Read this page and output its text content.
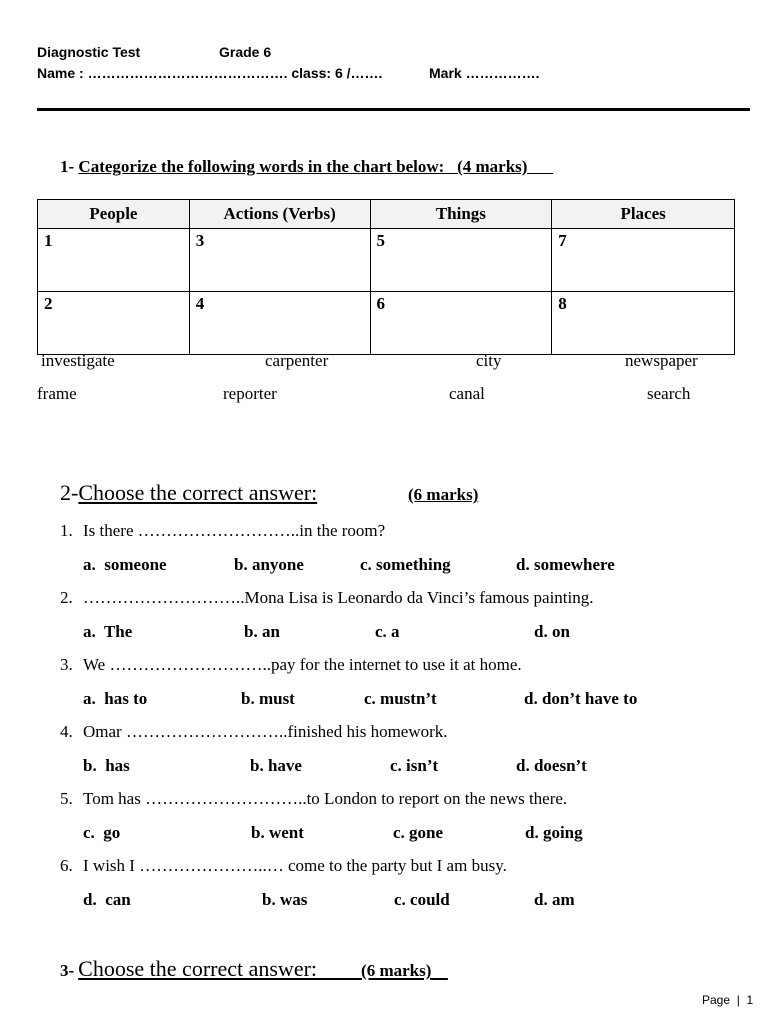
Diagnostic Test	Grade 6
Name : ……………………………………. class: 6 /…….	Mark …………….
1- Categorize the following words in the chart below: (4 marks)
People	Actions (Verbs)	Things	Places
1	3	5	7
2	4	6	8
investigate	carpenter	city	newspaper
frame	reporter	canal	search
2-Choose the correct answer:	(6 marks)
1. Is there ………………………..in the room?
a.  someone	b. anyone	c. something	d. somewhere
2. ………………………..Mona Lisa is Leonardo da Vinci’s famous painting.
a.  The	b. an	c. a	d. on
3. We ………………………..pay for the internet to use it at home.
a.  has to	b. must	c. mustn’t	d. don’t have to
4. Omar ………………………..finished his homework.
b.  has	b. have	c. isn’t	d. doesn’t
5. Tom has ………………………..to London to report on the news there.
c.  go	b. went	c. gone	d. going
6. I wish I …………………..… come to the party but I am busy.
d.  can	b. was	c. could	d. am
3- Choose the correct answer:	(6 marks)
Page  |  1
